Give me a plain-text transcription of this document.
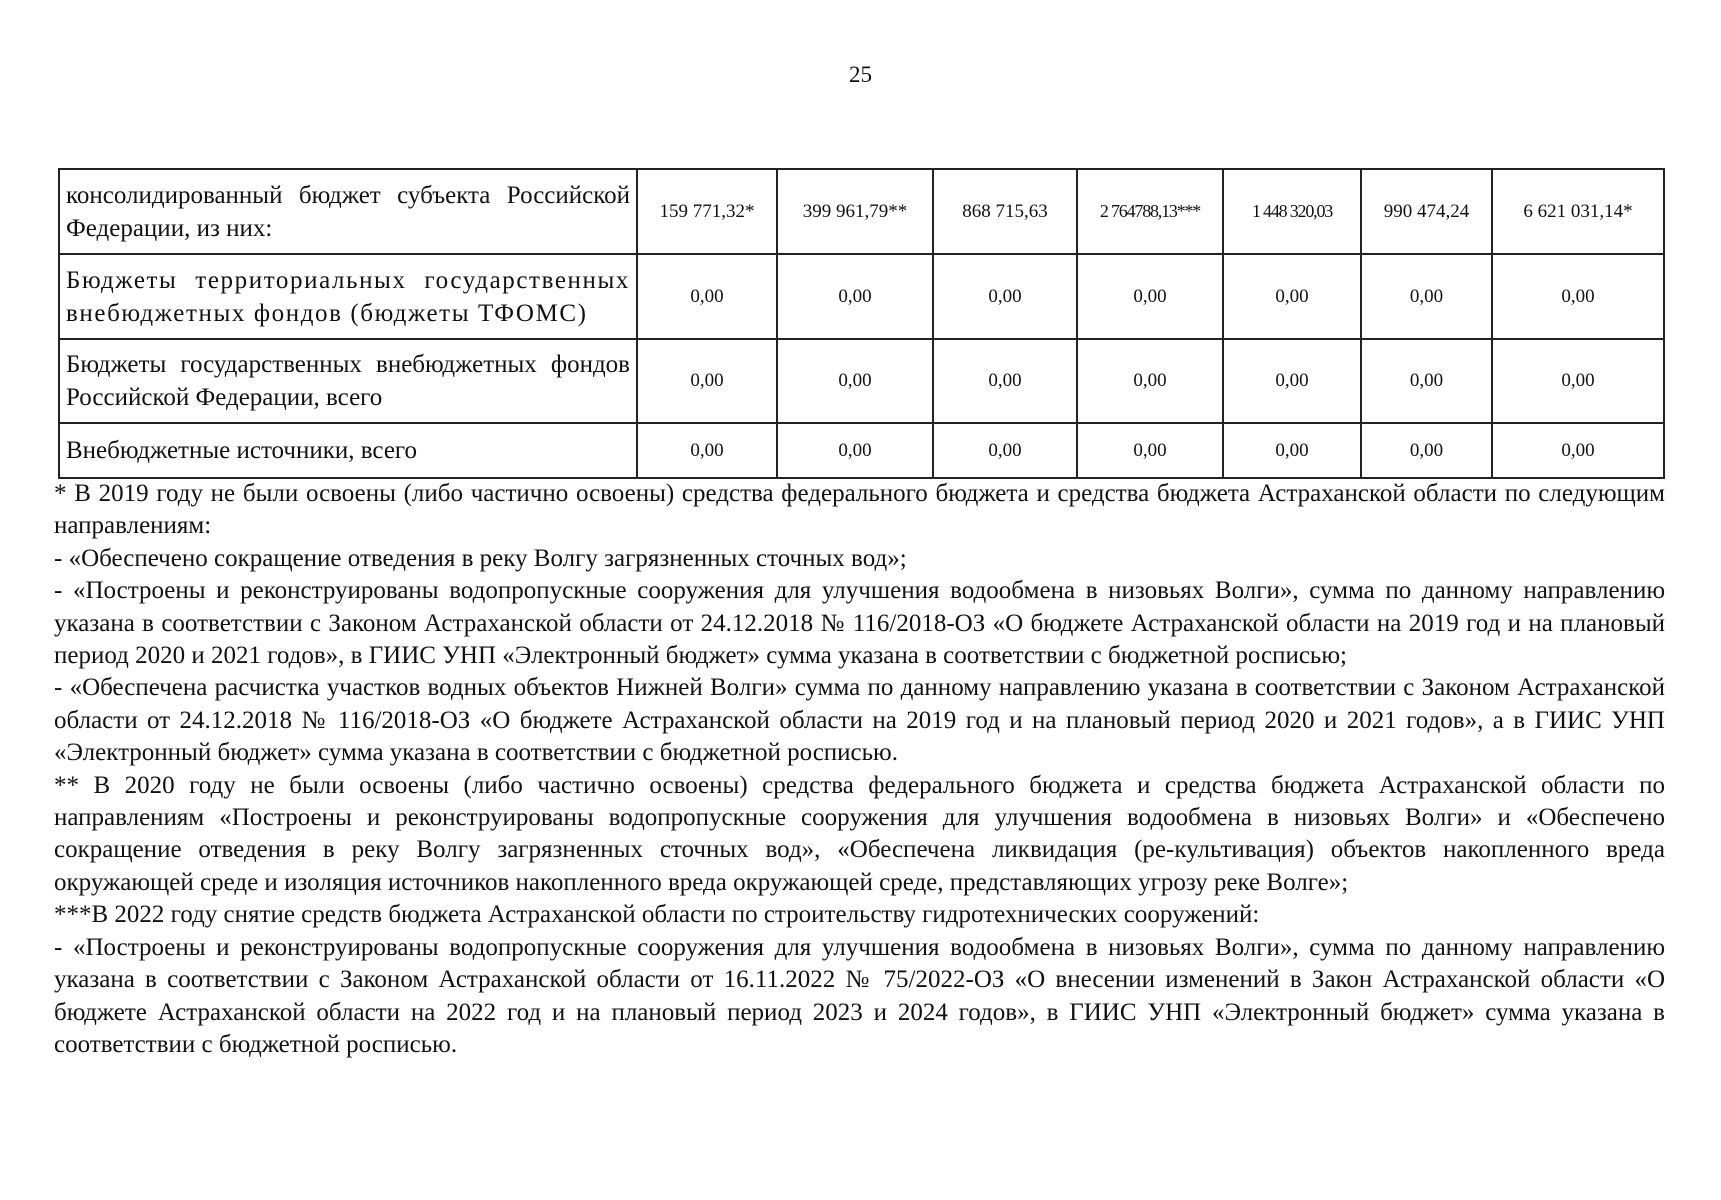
25
консолидированный бюджет субъекта Российской Федерации, из них:	159 771,32*	399 961,79**	868 715,63	2 764788,13***	1 448 320,03	990 474,24	6 621 031,14*
Бюджеты территориальных государственных внебюджетных фондов (бюджеты ТФОМС)	0,00	0,00	0,00	0,00	0,00	0,00	0,00
Бюджеты государственных внебюджетных фондов Российской Федерации, всего	0,00	0,00	0,00	0,00	0,00	0,00	0,00
Внебюджетные источники, всего	0,00	0,00	0,00	0,00	0,00	0,00	0,00

* В 2019 году не были освоены (либо частично освоены) средства федерального бюджета и средства бюджета Астраханской области по следующим направлениям:

- «Обеспечено сокращение отведения в реку Волгу загрязненных сточных вод»;

- «Построены и реконструированы водопропускные сооружения для улучшения водообмена в низовьях Волги», сумма по данному направлению указана в соответствии с Законом Астраханской области от 24.12.2018 № 116/2018-ОЗ «О бюджете Астраханской области на 2019 год и на плановый период 2020 и 2021 годов», в ГИИС УНП «Электронный бюджет» сумма указана в соответствии с бюджетной росписью;

- «Обеспечена расчистка участков водных объектов Нижней Волги» сумма по данному направлению указана в соответствии с Законом Астраханской области от 24.12.2018 № 116/2018-ОЗ «О бюджете Астраханской области на 2019 год и на плановый период 2020 и 2021 годов», а в ГИИС УНП «Электронный бюджет» сумма указана в соответствии с бюджетной росписью.

** В 2020 году не были освоены (либо частично освоены) средства федерального бюджета и средства бюджета Астраханской области по направлениям «Построены и реконструированы водопропускные сооружения для улучшения водообмена в низовьях Волги» и «Обеспечено сокращение отведения в реку Волгу загрязненных сточных вод», «Обеспечена ликвидация (ре-культивация) объектов накопленного вреда окружающей среде и изоляция источников накопленного вреда окружающей среде, представляющих угрозу реке Волге»;

***В 2022 году снятие средств бюджета Астраханской области по строительству гидротехнических сооружений:

- «Построены и реконструированы водопропускные сооружения для улучшения водообмена в низовьях Волги», сумма по данному направлению указана в соответствии с Законом Астраханской области от 16.11.2022 № 75/2022-ОЗ «О внесении изменений в Закон Астраханской области «О бюджете Астраханской области на 2022 год и на плановый период 2023 и 2024 годов», в ГИИС УНП «Электронный бюджет» сумма указана в соответствии с бюджетной росписью.
